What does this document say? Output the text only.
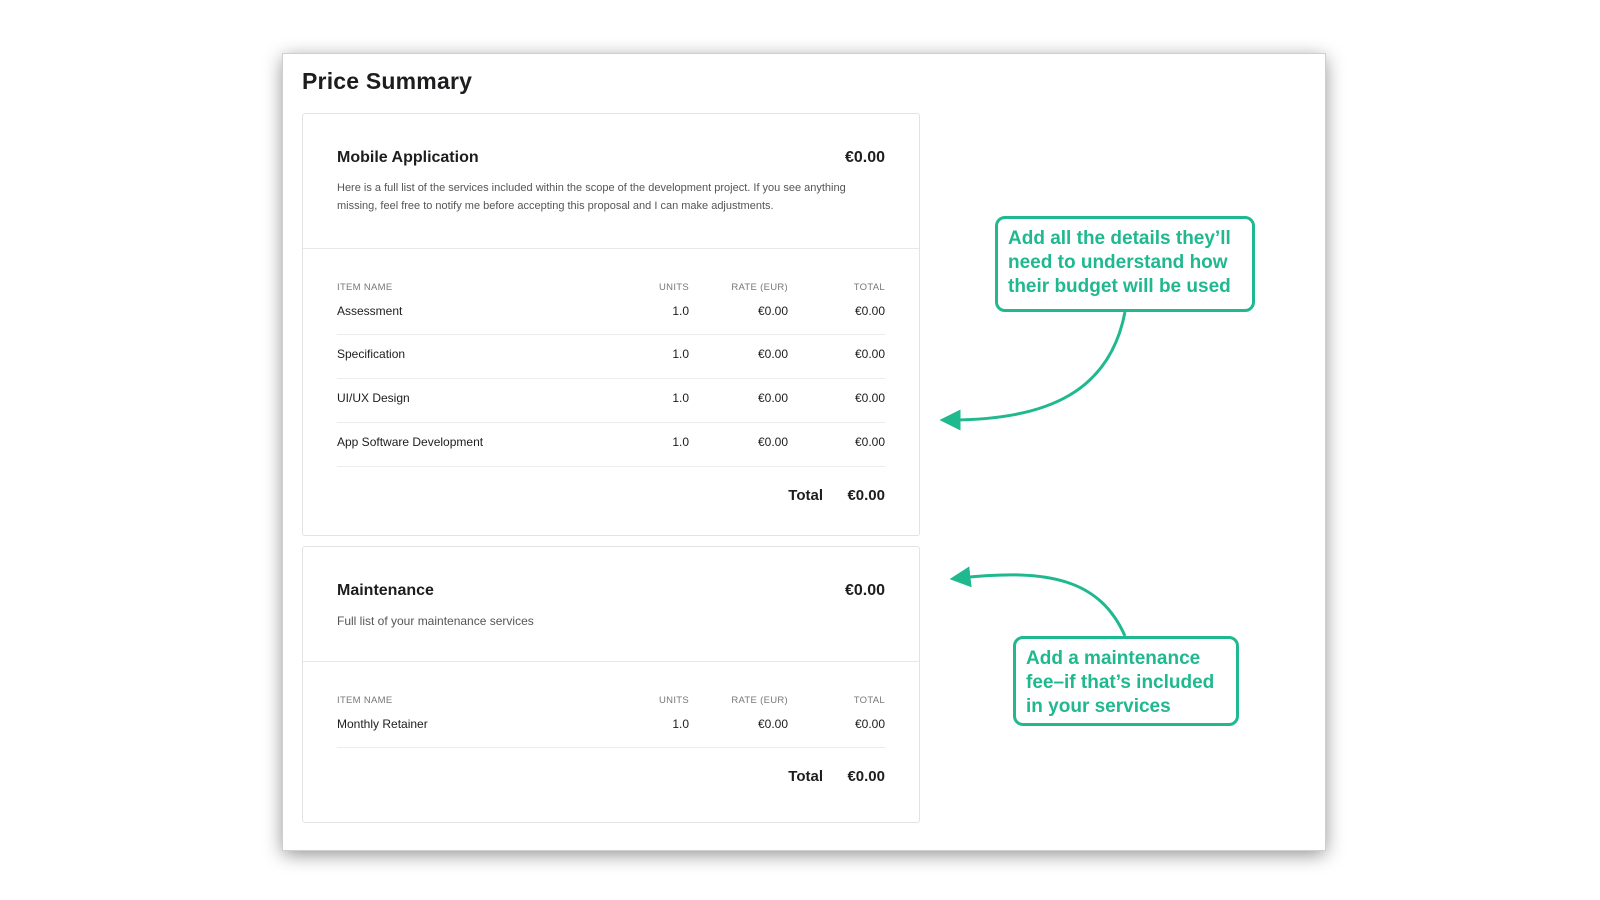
Price Summary
Mobile Application	€0.00
Here is a full list of the services included within the scope of the development project. If you see anything missing, feel free to notify me before accepting this proposal and I can make adjustments.
ITEM NAME	UNITS	RATE (EUR)	TOTAL
Assessment	1.0	€0.00	€0.00
Specification	1.0	€0.00	€0.00
UI/UX Design	1.0	€0.00	€0.00
App Software Development	1.0	€0.00	€0.00
Total €0.00
Maintenance	€0.00
Full list of your maintenance services
ITEM NAME	UNITS	RATE (EUR)	TOTAL
Monthly Retainer	1.0	€0.00	€0.00
Total €0.00
Add all the details they’ll
need to understand how
their budget will be used
Add a maintenance
fee–if that’s included
in your services
